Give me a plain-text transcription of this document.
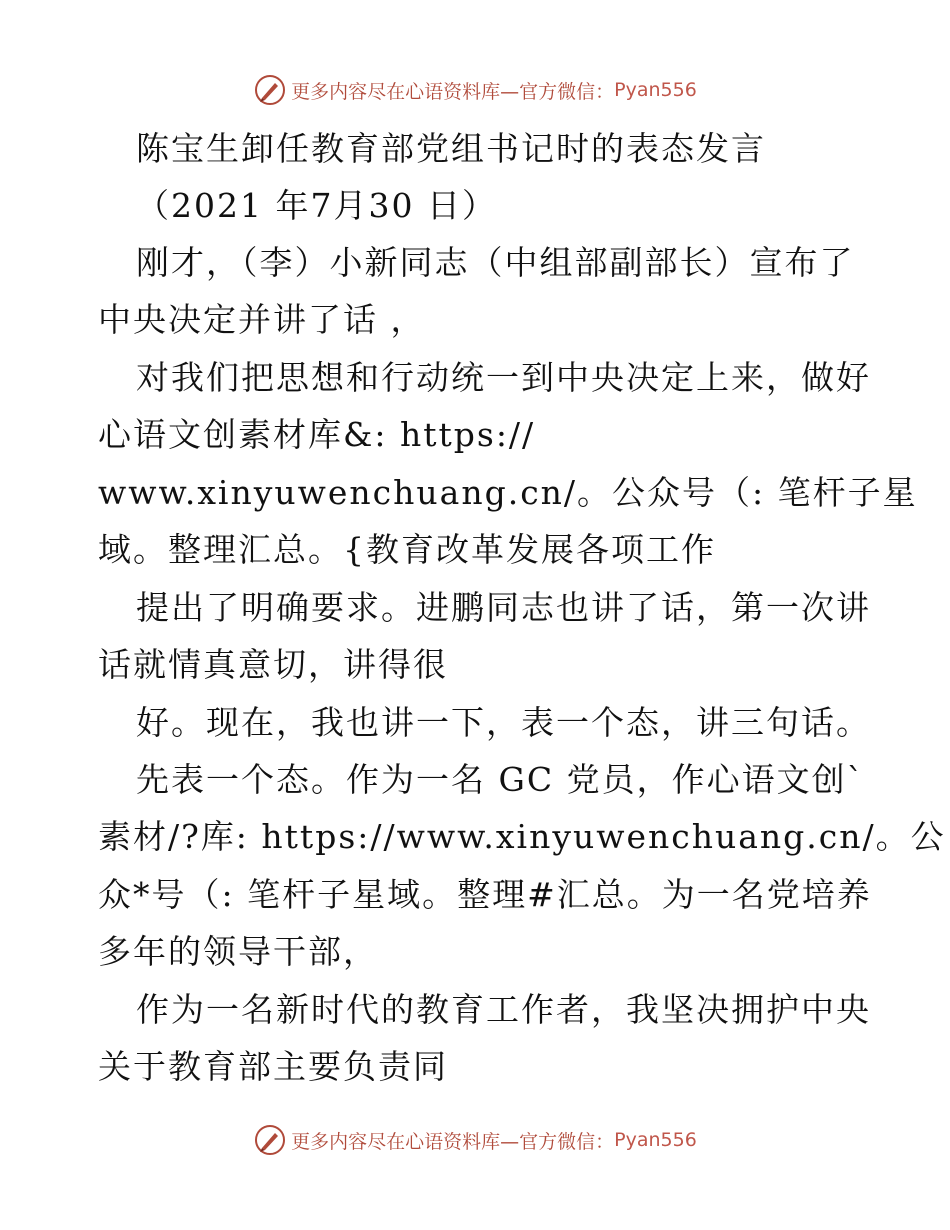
更多内容尽在心语资料库—官方微信： Pyan556
陈宝生卸任教育部党组书记时的表态发言
（2021 年7月30 日）
刚才，（李）小新同志（中组部副部长）宣布了
中央决定并讲了话 ，
对我们把思想和行动统一到中央决定上来，做好
心语文创素材库&: https://
www.xinyuwenchuang.cn/。公众号（: 笔杆子星
域。整理汇总。{教育改革发展各项工作
提出了明确要求。进鹏同志也讲了话，第一次讲
话就情真意切，讲得很
好。现在，我也讲一下，表一个态，讲三句话。
先表一个态。作为一名 GC 党员，作心语文创`
素材/?库: https://www.xinyuwenchuang.cn/。公
众*号（: 笔杆子星域。整理#汇总。为一名党培养
多年的领导干部，
作为一名新时代的教育工作者，我坚决拥护中央
关于教育部主要负责同
更多内容尽在心语资料库—官方微信： Pyan556
